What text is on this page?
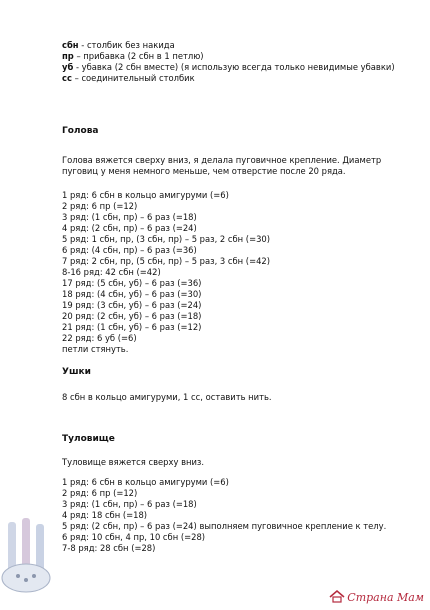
сбн - столбик без накида
пр – прибавка (2 сбн в 1 петлю)
уб - убавка (2 сбн вместе) (я использую всегда только невидимые убавки)
сс – соединительный столбик
Голова
Голова вяжется сверху вниз, я делала пуговичное крепление. Диаметр пуговиц у меня немного меньше, чем отверстие после 20 ряда.
1 ряд: 6 сбн в кольцо амигуруми (=6)
2 ряд: 6 пр (=12)
3 ряд: (1 сбн, пр) – 6 раз (=18)
4 ряд: (2 сбн, пр) – 6 раз (=24)
5 ряд: 1 сбн, пр, (3 сбн, пр) – 5 раз, 2 сбн (=30)
6 ряд: (4 сбн, пр) – 6 раз (=36)
7 ряд: 2 сбн, пр, (5 сбн, пр) – 5 раз, 3 сбн (=42)
8-16 ряд: 42 сбн (=42)
17 ряд: (5 сбн, уб) – 6 раз (=36)
18 ряд: (4 сбн, уб) – 6 раз (=30)
19 ряд: (3 сбн, уб) – 6 раз (=24)
20 ряд: (2 сбн, уб) – 6 раз (=18)
21 ряд: (1 сбн, уб) – 6 раз (=12)
22 ряд: 6 уб (=6)
петли стянуть.
Ушки
8 сбн в кольцо амигуруми, 1 сс, оставить нить.
Туловище
Туловище вяжется сверху вниз.
1 ряд: 6 сбн в кольцо амигуруми (=6)
2 ряд: 6 пр (=12)
3 ряд: (1 сбн, пр) – 6 раз (=18)
4 ряд: 18 сбн (=18)
5 ряд: (2 сбн, пр) – 6 раз (=24) выполняем пуговичное крепление к телу.
6 ряд: 10 сбн, 4 пр, 10 сбн (=28)
7-8 ряд: 28 сбн (=28)
Страна Мам
